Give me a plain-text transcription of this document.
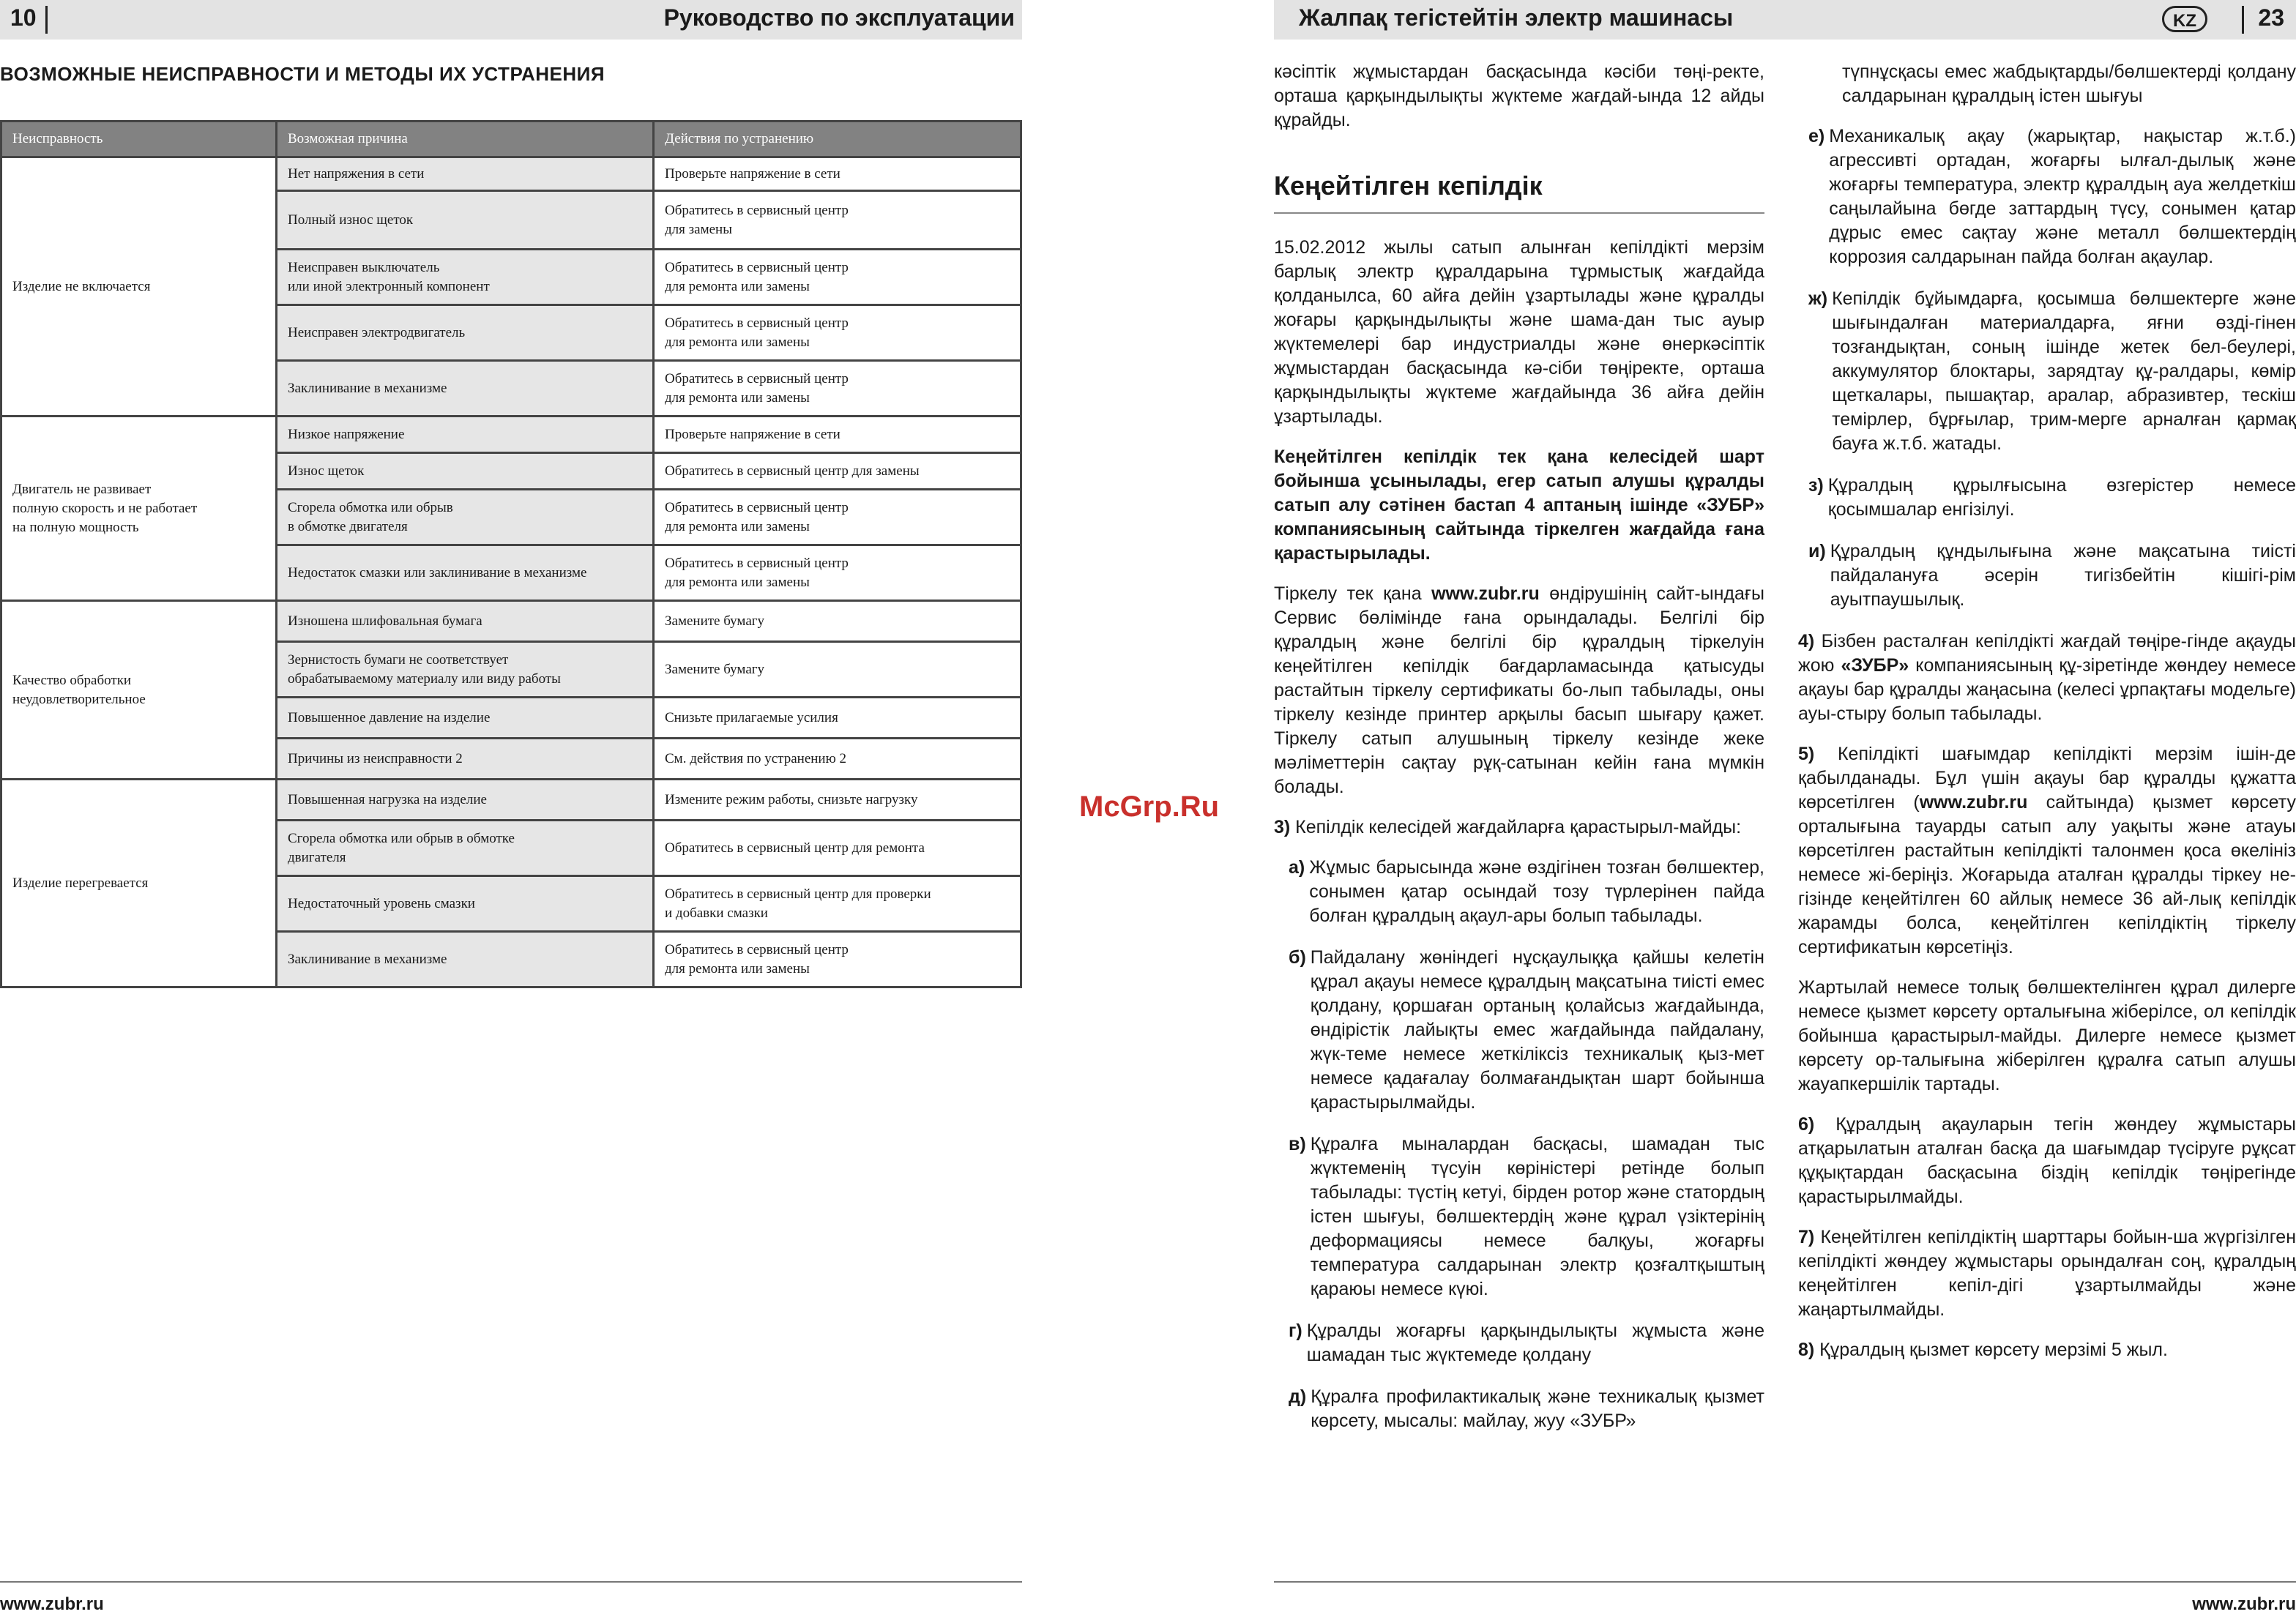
10	Руководство по эксплуатации
ВОЗМОЖНЫЕ НЕИСПРАВНОСТИ И МЕТОДЫ ИХ УСТРАНЕНИЯ
Неисправность	Возможная причина	Действия по устранению
Изделие не включается	Нет напряжения в сети	Проверьте напряжение в сети
	Полный износ щеток	Обратитесь в сервисный центр
для замены
	Неисправен выключатель
или иной электронный компонент	Обратитесь в сервисный центр
для ремонта или замены
	Неисправен электродвигатель	Обратитесь в сервисный центр
для ремонта или замены
	Заклинивание в механизме	Обратитесь в сервисный центр
для ремонта или замены
Двигатель не развивает
полную скорость и не работает
на полную мощность	Низкое напряжение	Проверьте напряжение в сети
	Износ щеток	Обратитесь в сервисный центр для замены
	Сгорела обмотка или обрыв
в обмотке двигателя	Обратитесь в сервисный центр
для ремонта или замены
	Недостаток смазки или заклинивание в механизме	Обратитесь в сервисный центр
для ремонта или замены
Качество обработки
неудовлетворительное	Изношена шлифовальная бумага	Замените бумагу
	Зернистость бумаги не соответствует
обрабатываемому материалу или виду работы	Замените бумагу
	Повышенное давление на изделие	Снизьте прилагаемые усилия
	Причины из неисправности 2	См. действия по устранению 2
Изделие перегревается	Повышенная нагрузка на изделие	Измените режим работы, снизьте нагрузку
	Сгорела обмотка или обрыв в обмотке
двигателя	Обратитесь в сервисный центр для ремонта
	Недостаточный уровень смазки	Обратитесь в сервисный центр для проверки
и добавки смазки
	Заклинивание в механизме	Обратитесь в сервисный центр
для ремонта или замены
www.zubr.ru
McGrp.Ru
Жалпақ тегістейтін электр машинасы	KZ	23

кәсіптік жұмыстардан басқасында кәсіби төңі-ректе, орташа қарқындылықты жүктеме жағдай-ында 12 айды құрайды.

Кеңейтілген кепілдік

15.02.2012 жылы сатып алынған кепілдікті мерзім барлық электр құралдарына тұрмыстық жағдайда қолданылса, 60 айға дейін ұзартылады және құралды жоғары қарқындылықты және шама-дан тыс ауыр жүктемелері бар индустриалды және өнеркәсіптік жұмыстардан басқасында кә-сіби төңіректе, орташа қарқындылықты жүктеме жағдайында 36 айға дейін ұзартылады.

Кеңейтілген кепілдік тек қана келесідей шарт бойынша ұсынылады, егер сатып алушы құралды сатып алу сәтінен бастап 4 аптаның ішінде «ЗУБР» компаниясының сайтында тіркелген жағдайда ғана қарастырылады.

Тіркелу тек қана www.zubr.ru өндірушінің сайт-ындағы Сервис бөлімінде ғана орындалады. Белгілі бір құралдың және белгілі бір құралдың тіркелуін кеңейтілген кепілдік бағдарламасында қатысуды растайтын тіркелу сертификаты бо-лып табылады, оны тіркелу кезінде принтер арқылы басып шығару қажет. Тіркелу сатып алушының тіркелу кезінде жеке мәліметтерін сақтау рұқ-сатынан кейін ғана мүмкін болады.

3) Кепілдік келесідей жағдайларға қарастырыл-майды:

а) Жұмыс барысында және өздігінен тозған бөлшектер, сонымен қатар осындай тозу түрлерінен пайда болған құралдың ақаул-ары болып табылады.
б) Пайдалану жөніндегі нұсқаулыққа қайшы келетін құрал ақауы немесе құралдың мақсатына тиісті емес қолдану, қоршаған ортаның қолайсыз жағдайында, өндірістік лайықты емес жағдайында пайдалану, жүк-теме немесе жеткіліксіз техникалық қыз-мет немесе қадағалау болмағандықтан шарт бойынша қарастырылмайды.
в) Құралға мыналардан басқасы, шамадан тыс жүктеменің түсуін көріністері ретінде болып табылады: түстің кетуі, бірден ротор және статордың істен шығуы, бөлшектердің және құрал үзіктерінің деформациясы немесе балқуы, жоғарғы температура салдарынан электр қозғалтқыштың қараюы немесе күюі.
г) Құралды жоғарғы қарқындылықты жұмыста және шамадан тыс жүктемеде қолдану
д) Құралға профилактикалық және техникалық қызмет көрсету, мысалы: майлау, жуу «ЗУБР»

түпнұсқасы емес жабдықтарды/бөлшектерді қолдану салдарынан құралдың істен шығуы

е) Механикалық ақау (жарықтар, нақыстар ж.т.б.) агрессивті ортадан, жоғарғы ылғал-дылық және жоғарғы температура, электр құралдың ауа желдеткіш саңылайына бөгде заттардың түсу, сонымен қатар дұрыс емес сақтау және металл бөлшектердің коррозия салдарынан пайда болған ақаулар.
ж) Кепілдік бұйымдарға, қосымша бөлшектерге және шығындалған материалдарға, яғни өзді-гінен тозғандықтан, соның ішінде жетек бел-беулері, аккумулятор блоктары, зарядтау құ-ралдары, көмір щеткалары, пышақтар, аралар, абразивтер, тескіш темірлер, бұрғылар, трим-мерге арналған қармақ бауға ж.т.б. жатады.
з) Құралдың құрылғысына өзгерістер немесе қосымшалар енгізілуі.
и) Құралдың құндылығына және мақсатына тиісті пайдалануға әсерін тигізбейтін кішігі-рім ауытпаушылық.

4) Бізбен расталған кепілдікті жағдай төңіре-гінде ақауды жою «ЗУБР» компаниясының құ-зіретінде жөндеу немесе ақауы бар құралды жаңасына (келесі ұрпақтағы модельге) ауы-стыру болып табылады.

5) Кепілдікті шағымдар кепілдікті мерзім ішін-де қабылданады. Бұл үшін ақауы бар құралды құжатта көрсетілген (www.zubr.ru сайтында) қызмет көрсету орталығына тауарды сатып алу уақыты және атауы көрсетілген растайтын кепілдікті талонмен қоса өкелініз немесе жі-беріңіз. Жоғарыда аталған құралды тіркеу не-гізінде кеңейтілген 60 айлық немесе 36 ай-лық кепілдік жарамды болса, кеңейтілген кепілдіктің тіркелу сертификатын көрсетіңіз.

Жартылай немесе толық бөлшектелінген құрал дилерге немесе қызмет көрсету орталығына жіберілсе, ол кепілдік бойынша қарастырыл-майды. Дилерге немесе қызмет көрсету ор-талығына жіберілген құралға сатып алушы жауапкершілік тартады.

6) Құралдың ақауларын тегін жөндеу жұмыстары атқарылатын аталған басқа да шағымдар түсіруге рұқсат құқықтардан басқасына біздің кепілдік төңірегінде қарастырылмайды.

7) Кеңейтілген кепілдіктің шарттары бойын-ша жүргізілген кепілдікті жөндеу жұмыстары орындалған соң, құралдың кеңейтілген кепіл-дігі ұзартылмайды және жаңартылмайды.

8) Құралдың қызмет көрсету мерзімі 5 жыл.

www.zubr.ru
